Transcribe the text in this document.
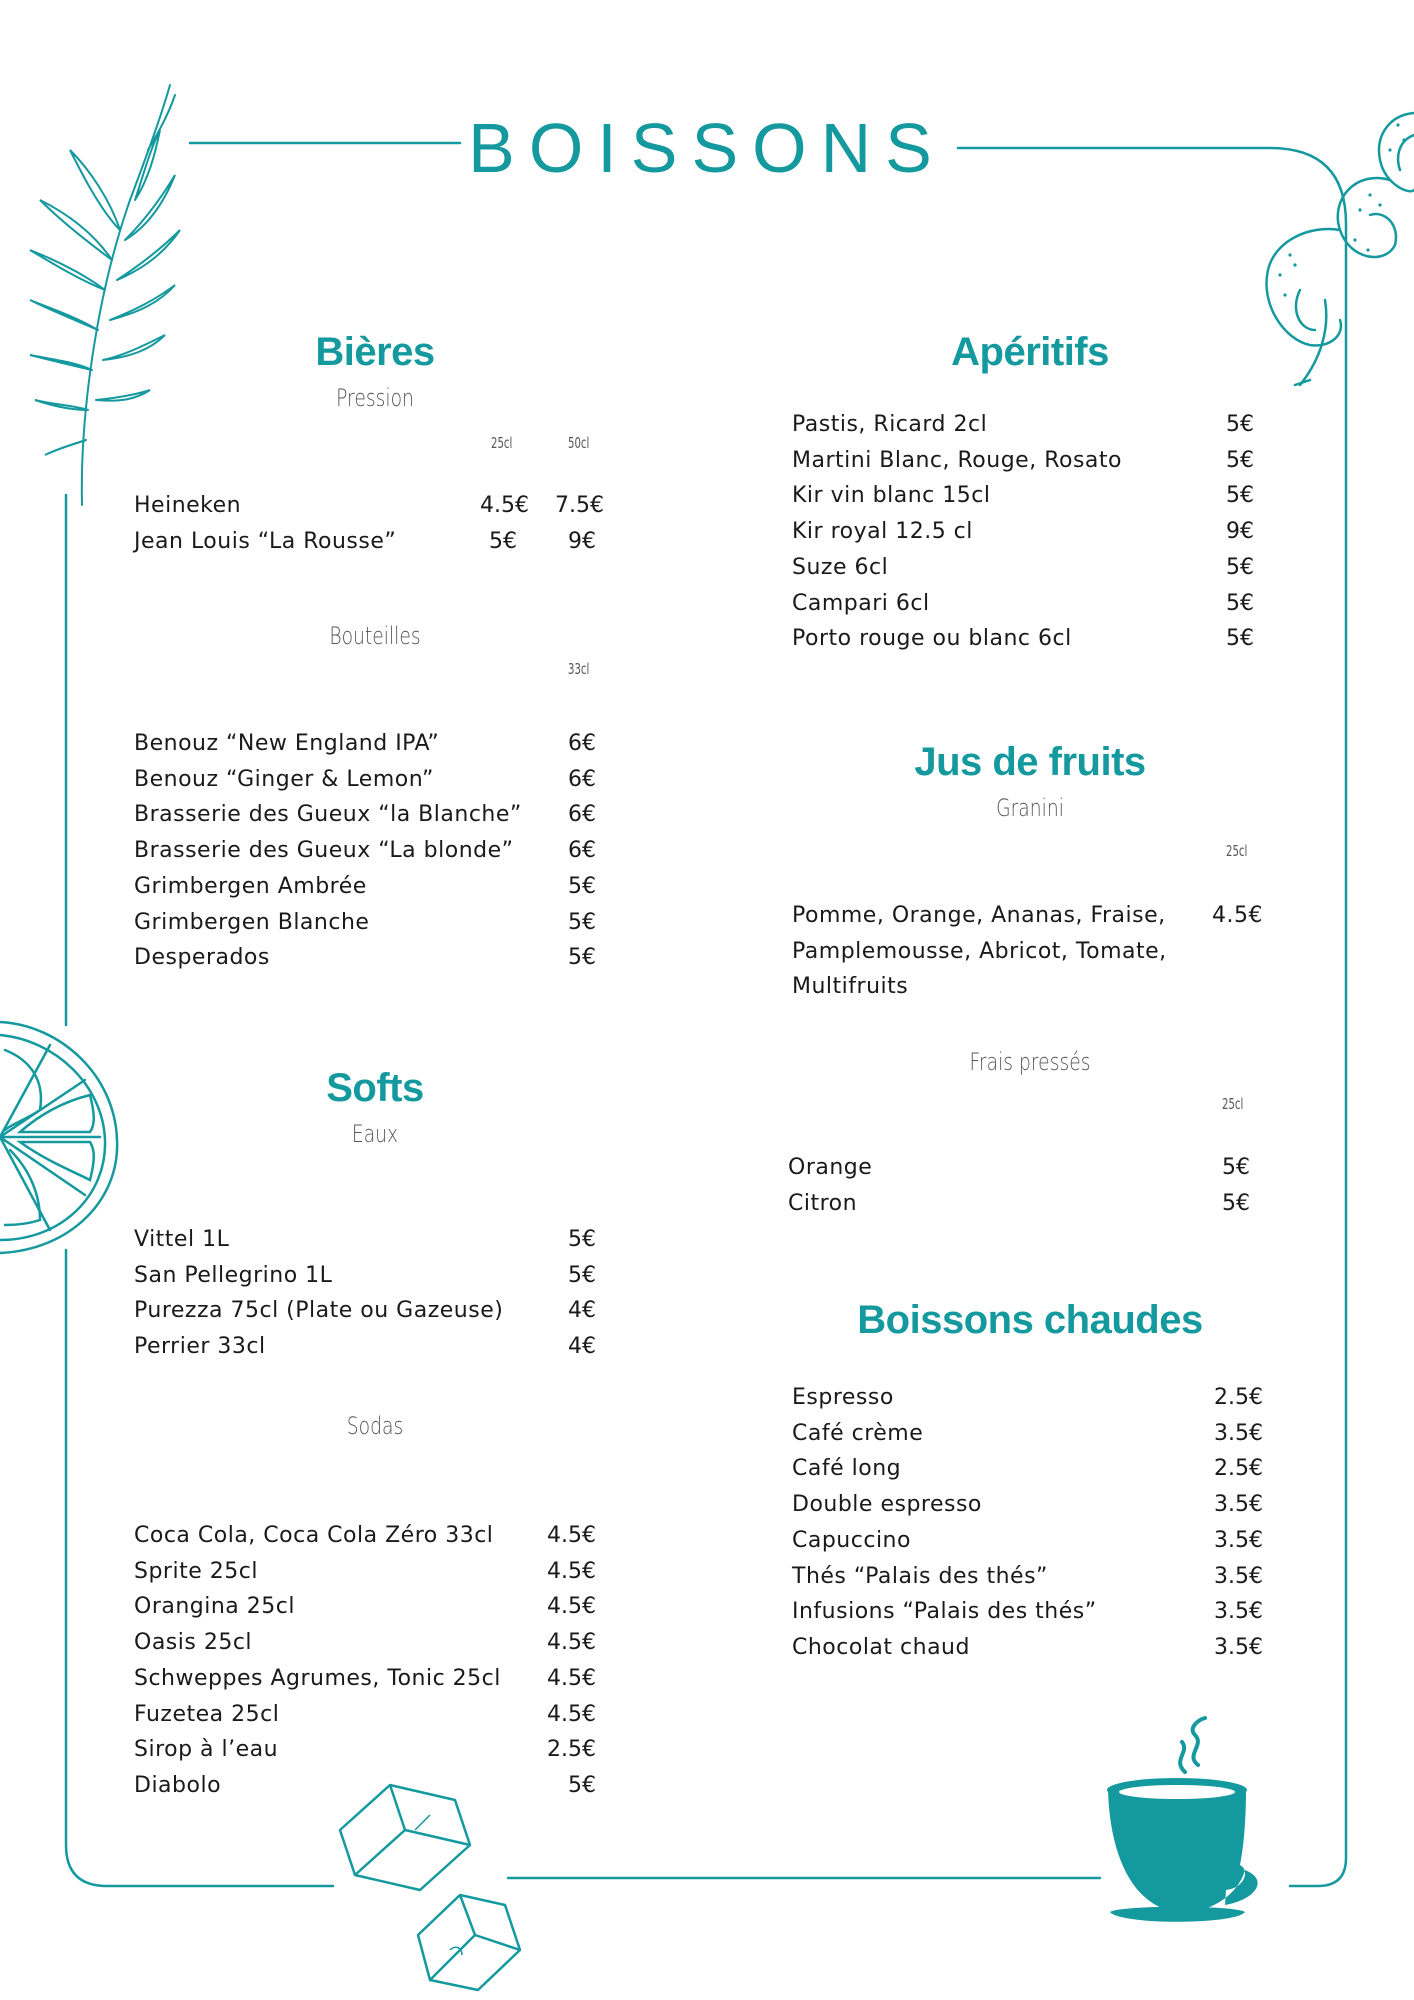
BOISSONS
Bières
Pression
25cl	50cl
Heineken	4.5€ 7.5€
Jean Louis “La Rousse”	5€ 9€
Bouteilles
33cl
Benouz “New England IPA”	6€
Benouz “Ginger & Lemon”	6€
Brasserie des Gueux “la Blanche” 6€
Brasserie des Gueux “La blonde” 6€
Grimbergen Ambrée	5€
Grimbergen Blanche	5€
Desperados	5€
Softs
Eaux
Vittel 1L	5€
San Pellegrino 1L	5€
Purezza 75cl (Plate ou Gazeuse)	4€
Perrier 33cl	4€
Sodas
Coca Cola, Coca Cola Zéro 33cl 4.5€
Sprite 25cl	4.5€
Orangina 25cl	4.5€
Oasis 25cl	4.5€
Schweppes Agrumes, Tonic 25cl 4.5€
Fuzetea 25cl	4.5€
Sirop à l’eau	2.5€
Diabolo	5€
Apéritifs
Pastis, Ricard 2cl	5€
Martini Blanc, Rouge, Rosato	5€
Kir vin blanc 15cl	5€
Kir royal 12.5 cl	9€
Suze 6cl	5€
Campari 6cl	5€
Porto rouge ou blanc 6cl	5€
Jus de fruits
Granini
25cl
Pomme, Orange, Ananas, Fraise,
Pamplemousse, Abricot, Tomate,
Multifruits
4.5€
Frais pressés
25cl
Orange	5€
Citron	5€
Boissons chaudes
Espresso	2.5€
Café crème	3.5€
Café long	2.5€
Double espresso	3.5€
Capuccino	3.5€
Thés “Palais des thés”	3.5€
Infusions “Palais des thés”	3.5€
Chocolat chaud	3.5€
